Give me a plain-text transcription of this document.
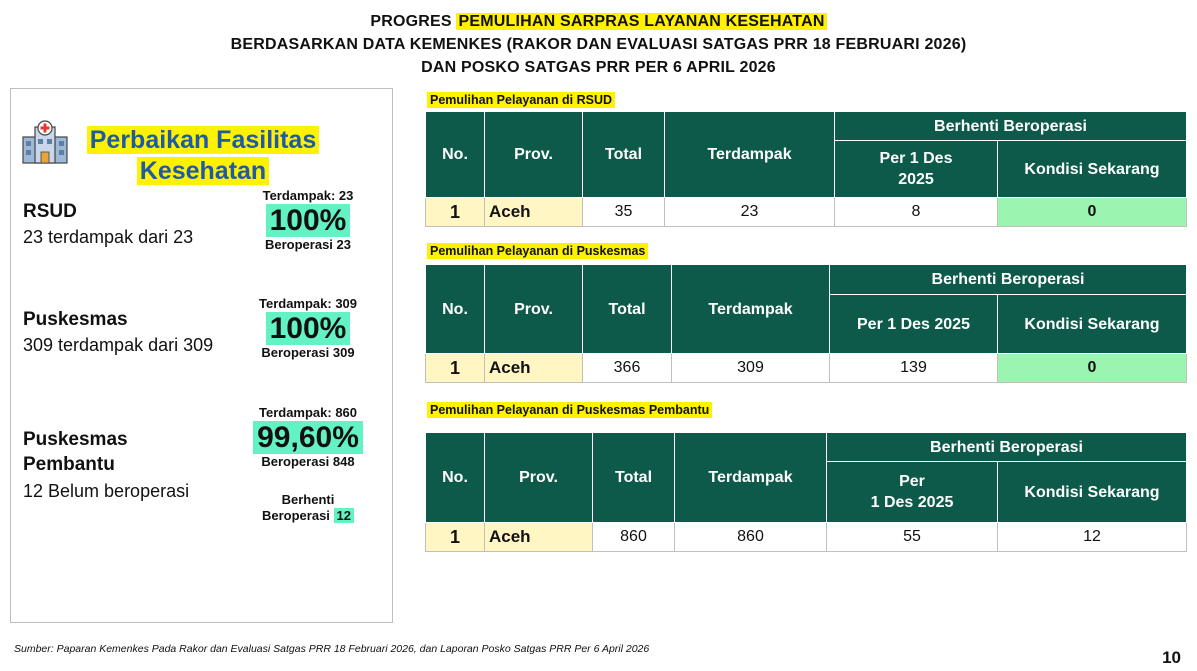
PROGRES PEMULIHAN SARPRAS LAYANAN KESEHATAN
BERDASARKAN DATA KEMENKES (RAKOR DAN EVALUASI SATGAS PRR 18 FEBRUARI 2026)
DAN POSKO SATGAS PRR PER 6 APRIL 2026
Perbaikan Fasilitas
Kesehatan
RSUD
23 terdampak dari 23
Terdampak: 23
100%
Beroperasi 23
Puskesmas
309 terdampak dari 309
Terdampak: 309
100%
Beroperasi 309
Puskesmas
Pembantu
12 Belum beroperasi
Terdampak: 860
99,60%
Beroperasi 848
Berhenti
Beroperasi 12
Pemulihan Pelayanan di RSUD
No.	Prov.	Total	Terdampak	Berhenti Beroperasi	
				Per 1 Des 2025	Kondisi Sekarang
1	Aceh	35	23	8	0
Pemulihan Pelayanan di Puskesmas
No.	Prov.	Total	Terdampak	Berhenti Beroperasi	
				Per 1 Des 2025	Kondisi Sekarang
1	Aceh	366	309	139	0
Pemulihan Pelayanan di Puskesmas Pembantu
No.	Prov.	Total	Terdampak	Berhenti Beroperasi	
				Per
1 Des 2025	Kondisi Sekarang
1	Aceh	860	860	55	12
Sumber: Paparan Kemenkes Pada Rakor dan Evaluasi Satgas PRR 18 Februari 2026, dan Laporan Posko Satgas PRR Per 6 April 2026	10
